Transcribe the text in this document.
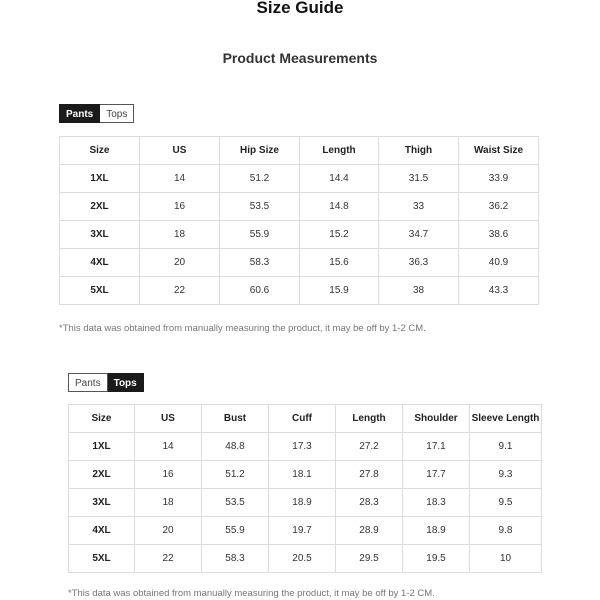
Size Guide
Product Measurements
Pants	Tops
Size	US	Hip Size	Length	Thigh	Waist Size
1XL	14	51.2	14.4	31.5	33.9
2XL	16	53.5	14.8	33	36.2
3XL	18	55.9	15.2	34.7	38.6
4XL	20	58.3	15.6	36.3	40.9
5XL	22	60.6	15.9	38	43.3
*This data was obtained from manually measuring the product, it may be off by 1-2 CM.
Pants	Tops
Size	US	Bust	Cuff	Length	Shoulder	Sleeve Length
1XL	14	48.8	17.3	27.2	17.1	9.1
2XL	16	51.2	18.1	27.8	17.7	9.3
3XL	18	53.5	18.9	28.3	18.3	9.5
4XL	20	55.9	19.7	28.9	18.9	9.8
5XL	22	58.3	20.5	29.5	19.5	10
*This data was obtained from manually measuring the product, it may be off by 1-2 CM.
